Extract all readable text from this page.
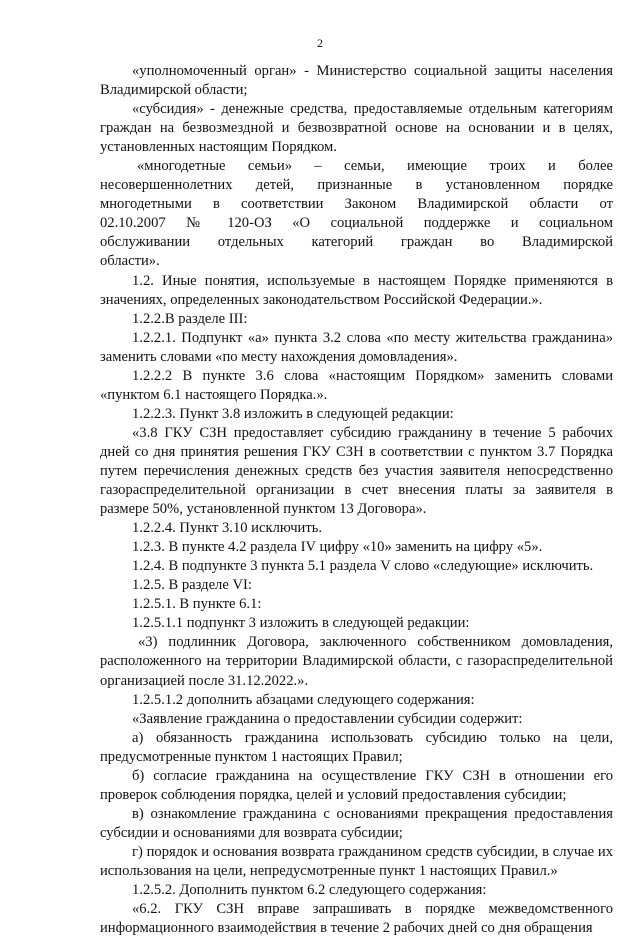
2

«уполномоченный орган» - Министерство социальной защиты населения Владимирской области;

«субсидия» - денежные средства, предоставляемые отдельным категориям граждан на безвозмездной и безвозвратной основе на основании и в целях, установленных настоящим Порядком.

«многодетные семьи» – семьи, имеющие троих и более несовершеннолетних детей, признанные в установленном порядке многодетными в соответствии Законом Владимирской области от 02.10.2007 № 120-ОЗ «О социальной поддержке и социальном обслуживании отдельных категорий граждан во Владимирской области».

1.2. Иные понятия, используемые в настоящем Порядке применяются в значениях, определенных законодательством Российской Федерации.».

1.2.2.В разделе III:

1.2.2.1. Подпункт «а» пункта 3.2 слова «по месту жительства гражданина» заменить словами «по месту нахождения домовладения».

1.2.2.2 В пункте 3.6 слова «настоящим Порядком» заменить словами «пунктом 6.1 настоящего Порядка.».

1.2.2.3. Пункт 3.8 изложить в следующей редакции:

«3.8 ГКУ СЗН предоставляет субсидию гражданину в течение 5 рабочих дней со дня принятия решения ГКУ СЗН в соответствии с пунктом 3.7 Порядка путем перечисления денежных средств без участия заявителя непосредственно газораспределительной организации в счет внесения платы за заявителя в размере 50%, установленной пунктом 13 Договора».

1.2.2.4. Пункт 3.10 исключить.

1.2.3. В пункте 4.2 раздела IV цифру «10» заменить на цифру «5».

1.2.4. В подпункте 3 пункта 5.1 раздела V слово «следующие» исключить.

1.2.5. В разделе VI:

1.2.5.1. В пункте 6.1:

1.2.5.1.1 подпункт 3 изложить в следующей редакции:

«3) подлинник Договора, заключенного собственником домовладения, расположенного на территории Владимирской области, с газораспределительной организацией после 31.12.2022.».

1.2.5.1.2 дополнить абзацами следующего содержания:

«Заявление гражданина о предоставлении субсидии содержит:

а) обязанность гражданина использовать субсидию только на цели, предусмотренные пунктом 1 настоящих Правил;

б) согласие гражданина на осуществление ГКУ СЗН в отношении его проверок соблюдения порядка, целей и условий предоставления субсидии;

в) ознакомление гражданина с основаниями прекращения предоставления субсидии и основаниями для возврата субсидии;

г) порядок и основания возврата гражданином средств субсидии, в случае их использования на цели, непредусмотренные пункт 1 настоящих Правил.»

1.2.5.2. Дополнить пунктом 6.2 следующего содержания:

«6.2. ГКУ СЗН вправе запрашивать в порядке межведомственного информационного взаимодействия в течение 2 рабочих дней со дня обращения
